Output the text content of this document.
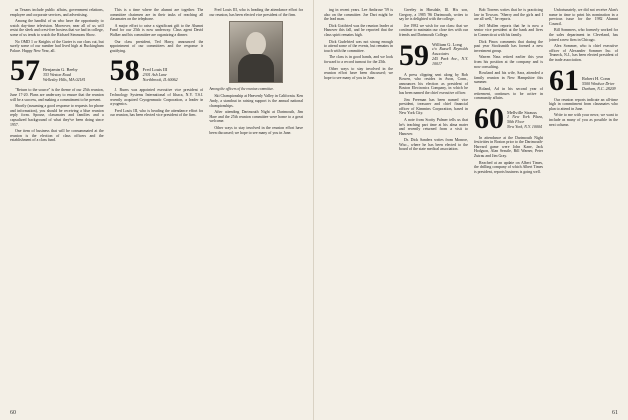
as Texans include public affairs, government relations, employee and corporate services, and advertising.

Among the handful of us who have the opportunity to watch day-time television. Moreover, near all of us will resist the sleek and crest-free hostess that we had in college, some of us tends to watch the Richard Simmons Show.

No OMD 1 or Knights of the Garter is our class cut, but surely some of our number had lived high at Buckingham Palace. Happy New Year, all.

57 Benjamin G. Beeby
353 Weston Road
Wellesley Hills, MA 02181

"Return to the source" is the theme of our 25th reunion, June 17-20. Plans are underway to ensure that the reunion will be a success, and making a commitment to be present.

Shortly (assuming a good response to requests for phone and information), you should be receiving a blue reunion reply form. Spouse, classmates and families and a capsulized background of what they've been doing since 1957.

One item of business that will be consummated at the reunion is the election of class officers and the establishment of a class fund.

This is a time where the alumni are together. The committee chairmen are in their tasks of reaching all classmates on the telephone.

A major effort to raise a significant gift to the Alumni Fund for our 25th is now underway. Class agent David Walker and his committee are organizing a dinner.

Our class president, Ted Harry, announced the appointment of our committees and the response is gratifying.

58 Fred Louis III
2301 Ash Lane
Northbrook, IL 60062

J. Burns was appointed executive vice president of Technology Systems International of Ithaca, N.Y. T.S.I. recently acquired Cryogenmatic Corporation, a leader in cryogenics.

Fred Louis III, who is heading the attendance effort for our reunion, has been elected vice president of the firm.

Fred Louis III, who is heading the attendance effort for our reunion, has been elected vice president of the firm.

Among the officers of the reunion committee.

Ski Championship at Heavenly Valley in California. Ken Andy, a standout in raising support is the annual national championships.

After attending Dartmouth Night at Dartmouth, Jim Hare and the 25th reunion committee were home to a great welcome.

Other ways to stay involved in the reunion effort have been discussed; we hope to see many of you in June.

60

ing in recent years. Lee Ambrose '59 is also on the committee. Joe Dart might be the lead man.

Dick Gottfried was the reunion leader at Hanover this fall, and he reported that the class spirit remains high.

Dick Gudefried was not strong enough to attend some of the events, but remains in touch with the committee.

The class is in good hands, and we look forward to a record turnout for the 25th.

Other ways to stay involved in the reunion effort have been discussed; we hope to see many of you in June.

Greeley in Hinsdale, Ill. His son, Gregory, a 1985 '86 Dartmouth, writes to say he is delighted with the college.

Joe 1982 we wish for our class: that we continue to maintain our close ties with our friends and Dartmouth College.

59 William G. Long
c/o Russell Reynolds Associates
245 Park Ave., N.Y. 10017

A press clipping sent along by Bob Bowen, who resides in Avon, Conn., announces his election as president of Boston Electronics Company, in which he has been named the chief executive officer.

Jim Freeman has been named vice president, treasurer and chief financial officer of Kimmins Corporation, based in New York City.

A note from Scotty Palmer tells us that he's teaching part time at his alma mater and recently returned from a visit to Hanover.

Dr. Dick Sanders writes from Monroe, Wisc., where he has been elected to the board of the state medical association.

Bob Torrens writes that he is practicing law in Towson. "Sherry and the girls and I are all well," he reports.

Jeff Mullen reports that he is now a senior vice president at the bank and lives in Connecticut with his family.

Dick Pinox comments that during the past year Stocksmith has formed a new investment group.

Warren Nass retired earlier this year from his position at the company and is now consulting.

Rowland and his wife, Sara, attended a family reunion in New Hampshire this summer.

Roland, Ad in his second year of retirement, continues to be active in community affairs.

60 Mellville Strauss
1 New York Plaza, 50th Floor
New York, N.Y. 10004

In attendance at the Dartmouth Night festivities in Boston prior to the Dartmouth-Harvard game were John Kane, Jack Hodgson, Alan Seastle, Bill Warner, Peter Zutrau and Jim Gray.

Reached at an update on Albert Times, the drilling company of which Albert Times is president, reports business is going well.

Unfortunately, we did not receive Alan's name in time to print his nomination in a previous issue for the 1982 Alumni Council.

Bill Sommers, who formerly worked for the sales department in Cleveland, has joined a new firm in Chicago.

Alex Sommer, who is chief executive officer of Alexander Sommer Inc. of Teaneck, N.J., has been elected president of the trade association.

61 Robert H. Conn
5500 Windsor Drive
Durham, N.C. 28209

Our reunion reports indicate an all-time high in commitment from classmates who plan to attend in June.

Write to me with your news; we want to include as many of you as possible in the next column.

61
